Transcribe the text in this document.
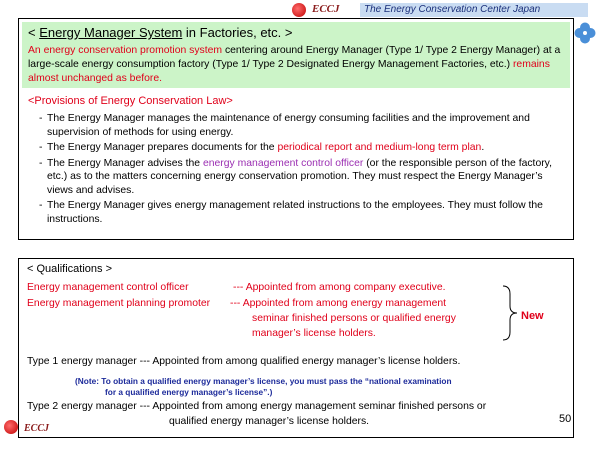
ECCJ	The Energy Conservation Center Japan
< Energy Manager System in Factories, etc. >
An energy conservation promotion system centering around Energy Manager (Type 1/ Type 2 Energy Manager) at a large-scale energy consumption factory (Type 1/ Type 2 Designated Energy Management Factories, etc.) remains almost unchanged as before.
<Provisions of Energy Conservation Law>
- The Energy Manager manages the maintenance of energy consuming facilities and the improvement and supervision of methods for using energy.
- The Energy Manager prepares documents for the periodical report and medium-long term plan.
- The Energy Manager advises the energy management control officer (or the responsible person of the factory, etc.) as to the matters concerning energy conservation promotion. They must respect the Energy Manager’s views and advises.
- The Energy Manager gives energy management related instructions to the employees. They must follow the instructions.
< Qualifications >
Energy management control officer	--- Appointed from among company executive.
Energy management planning promoter --- Appointed from among energy management
seminar finished persons or qualified energy
manager’s license holders.
New
Type 1 energy manager --- Appointed from among qualified energy manager’s license holders.
(Note: To obtain a qualified energy manager’s license, you must pass the “national examination
for a qualified energy manager’s license”.)
Type 2 energy manager --- Appointed from among energy management seminar finished persons or
qualified energy manager’s license holders.	50
ECCJ
